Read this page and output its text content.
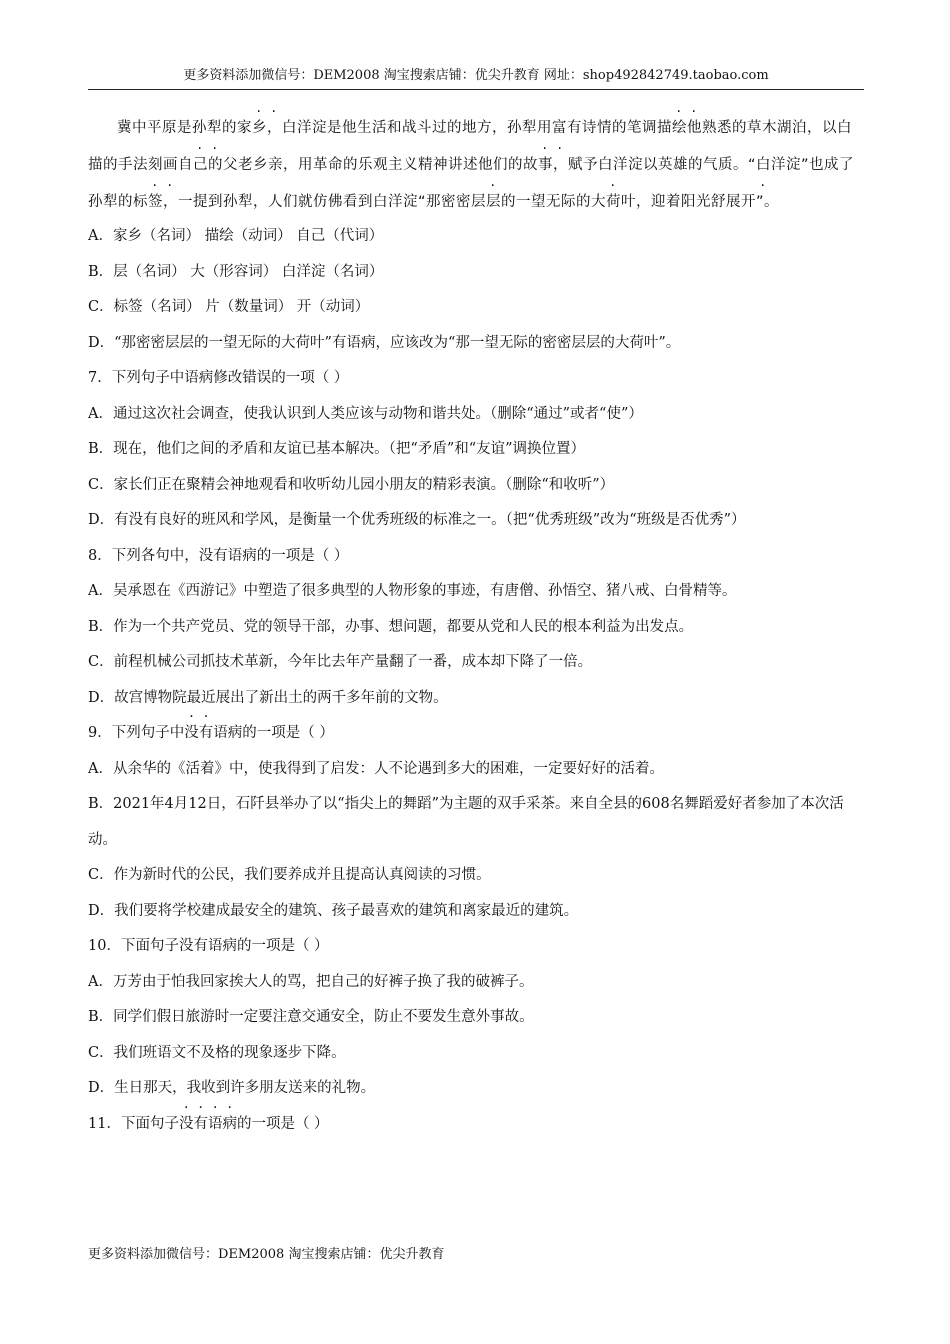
更多资料添加微信号：DEM2008 淘宝搜索店铺：优尖升教育 网址：shop492842749.taobao.com

冀中平原是孙犁的家乡，白洋淀是他生活和战斗过的地方，孙犁用富有诗情的笔调描绘他熟悉的草木湖泊，以白描的手法刻画自己的父老乡亲，用革命的乐观主义精神讲述他们的故事，赋予白洋淀以英雄的气质。“白洋淀”也成了孙犁的标签，一提到孙犁，人们就仿佛看到白洋淀“那密密层层的一望无际的大荷叶，迎着阳光舒展开”。

A．家乡（名词） 描绘（动词） 自己（代词）

B．层（名词） 大（形容词） 白洋淀（名词）

C．标签（名词） 片（数量词） 开（动词）

D．“那密密层层的一望无际的大荷叶”有语病，应该改为“那一望无际的密密层层的大荷叶”。

7．下列句子中语病修改错误的一项（ ）

A．通过这次社会调查，使我认识到人类应该与动物和谐共处。（删除“通过”或者“使”）

B．现在，他们之间的矛盾和友谊已基本解决。（把“矛盾”和“友谊”调换位置）

C．家长们正在聚精会神地观看和收听幼儿园小朋友的精彩表演。（删除“和收听”）

D．有没有良好的班风和学风，是衡量一个优秀班级的标准之一。（把“优秀班级”改为“班级是否优秀”）

8．下列各句中，没有语病的一项是（ ）

A．吴承恩在《西游记》中塑造了很多典型的人物形象的事迹，有唐僧、孙悟空、猪八戒、白骨精等。

B．作为一个共产党员、党的领导干部，办事、想问题，都要从党和人民的根本利益为出发点。

C．前程机械公司抓技术革新，今年比去年产量翻了一番，成本却下降了一倍。

D．故宫博物院最近展出了新出土的两千多年前的文物。

9．下列句子中没有语病的一项是（ ）

A．从余华的《活着》中，使我得到了启发：人不论遇到多大的困难，一定要好好的活着。

B．2021年4月12日，石阡县举办了以“指尖上的舞蹈”为主题的双手采茶。来自全县的608名舞蹈爱好者参加了本次活动。

C．作为新时代的公民，我们要养成并且提高认真阅读的习惯。

D．我们要将学校建成最安全的建筑、孩子最喜欢的建筑和离家最近的建筑。

10．下面句子没有语病的一项是（ ）

A．万芳由于怕我回家挨大人的骂，把自己的好裤子换了我的破裤子。

B．同学们假日旅游时一定要注意交通安全，防止不要发生意外事故。

C．我们班语文不及格的现象逐步下降。

D．生日那天，我收到许多朋友送来的礼物。

11．下面句子没有语病的一项是（ ）

更多资料添加微信号：DEM2008 淘宝搜索店铺：优尖升教育
